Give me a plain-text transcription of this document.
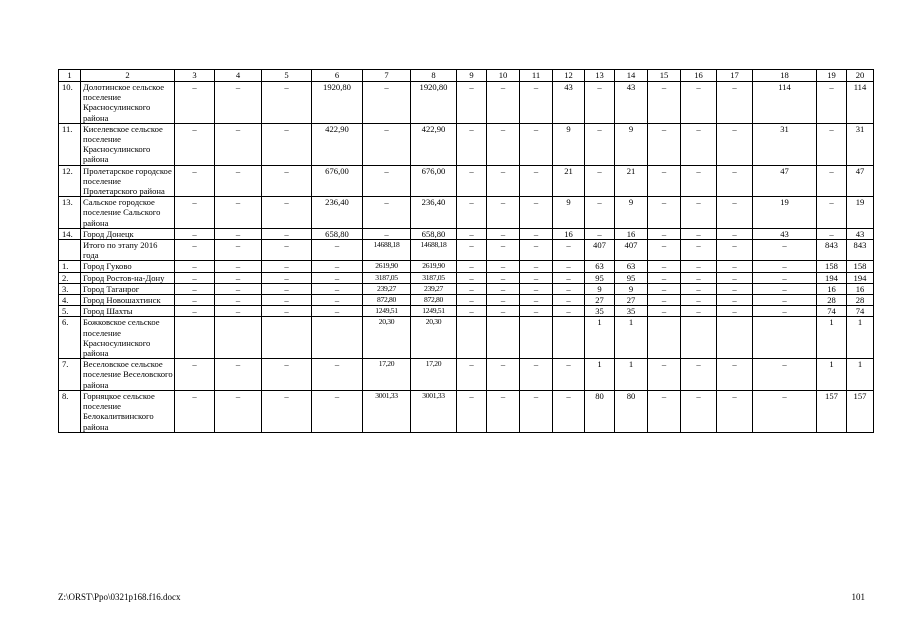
1	2	3	4	5	6	7	8	9	10	11	12	13	14	15	16	17	18	19	20
10.	Долотинское сельское поселение Красносулинского района	–	–	–	1920,80	–	1920,80	–	–	–	43	–	43	–	–	–	114	–	114
11.	Киселевское сельское поселение Красносулинского района	–	–	–	422,90	–	422,90	–	–	–	9	–	9	–	–	–	31	–	31
12.	Пролетарское городское поселение Пролетарского района	–	–	–	676,00	–	676,00	–	–	–	21	–	21	–	–	–	47	–	47
13.	Сальское городское поселение Сальского района	–	–	–	236,40	–	236,40	–	–	–	9	–	9	–	–	–	19	–	19
14.	Город Донецк	–	–	–	658,80	–	658,80	–	–	–	16	–	16	–	–	–	43	–	43
	Итого по этапу 2016 года	–	–	–	–	14688,18	14688,18	–	–	–	–	407	407	–	–	–	–	843	843
1.	Город Гуково	–	–	–	–	2619,90	2619,90	–	–	–	–	63	63	–	–	–	–	158	158
2.	Город Ростов-на-Дону	–	–	–	–	3187,05	3187,05	–	–	–	–	95	95	–	–	–	–	194	194
3.	Город Таганрог	–	–	–	–	239,27	239,27	–	–	–	–	9	9	–	–	–	–	16	16
4.	Город Новошахтинск	–	–	–	–	872,80	872,80	–	–	–	–	27	27	–	–	–	–	28	28
5.	Город Шахты	–	–	–	–	1249,51	1249,51	–	–	–	–	35	35	–	–	–	–	74	74
6.	Божковское сельское поселение Красносулинского района					20,30	20,30					1	1					1	1
7.	Веселовское сельское поселение Веселовского района	–	–	–	–	17,20	17,20	–	–	–	–	1	1	–	–	–	–	1	1
8.	Горняцкое сельское поселение Белокалитвинского района	–	–	–	–	3001,33	3001,33	–	–	–	–	80	80	–	–	–	–	157	157
Z:\ORST\Ppo\0321p168.f16.docx	101
